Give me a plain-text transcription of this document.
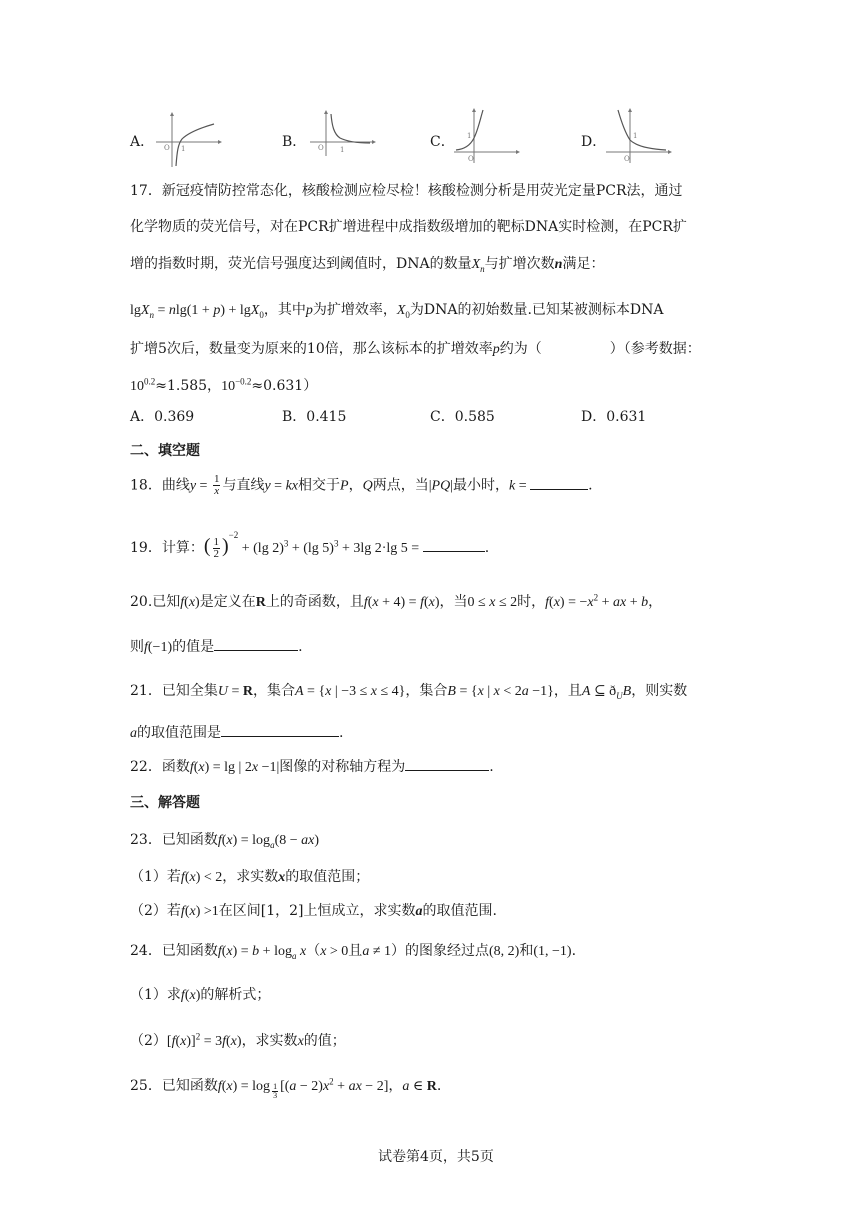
A． O 1	B． O 1	C． 1
O
D．	1
O
17．新冠疫情防控常态化，核酸检测应检尽检！核酸检测分析是用荧光定量PCR法，通过
化学物质的荧光信号，对在PCR扩增进程中成指数级增加的靶标DNA实时检测，在PCR扩
增的指数时期，荧光信号强度达到阈值时，DNA的数量$X_n$与扩增次数n满足：
lgX$_n$ = nlg(1 + p) + lgX$_0$，其中p为扩增效率，$X_0$为DNA的初始数量.已知某被测标本DNA
扩增5次后，数量变为原来的10倍，那么该标本的扩增效率p约为（	）（参考数据：
$10^{0.2}\approx 1.585$，$10^{-0.2}\approx 0.631$）
A．0.369	B．0.415	C．0.585	D．0.631
二、填空题
18．曲线$y = \frac{1}{x}$ 与直线y = kx相交于P，Q两点，当|PQ|最小时，k =	.
19．计算：( $\frac{1}{2} )^{-2} + (\lg$ 2)$^3$ + (lg 5)$^3$ + 3lg 2·lg 5 =	.
20.已知f(x)是定义在R上的奇函数，且f(x + 4) = f(x)，当0 ≤ x ≤ 2时，$f(x) = -x^2$ + ax + b，
则f(−1)的值是	.
21．已知全集U = R，集合A = {x | −3 ≤ x ≤ 4}，集合B = {x | x < 2a −1}，且A ⊆ $ð_UB$，则实数
a的取值范围是	.
22．函数f(x) = lg | 2x −1|图像的对称轴方程为	.
三、解答题
23．已知函数$f(x) = \log_a(8 - ax)$
（1）若f(x) < 2，求实数x的取值范围；
（2）若f(x) >1在区间[1，2]上恒成立，求实数a的取值范围.
24．已知函数$f(x) = b + \log_a x(x > 0$且a ≠ 1）的图象经过点(8, 2)和(1, −1).
（1）求f(x)的解析式；
$(2)[f(x)]^2 = 3f(x)$，求实数x的值；
25．已知函数$f(x) = \log \frac{1}{3} [(a - 2)x^2$ + ax − 2]，a ∈ R.
试卷第4页，共5页
